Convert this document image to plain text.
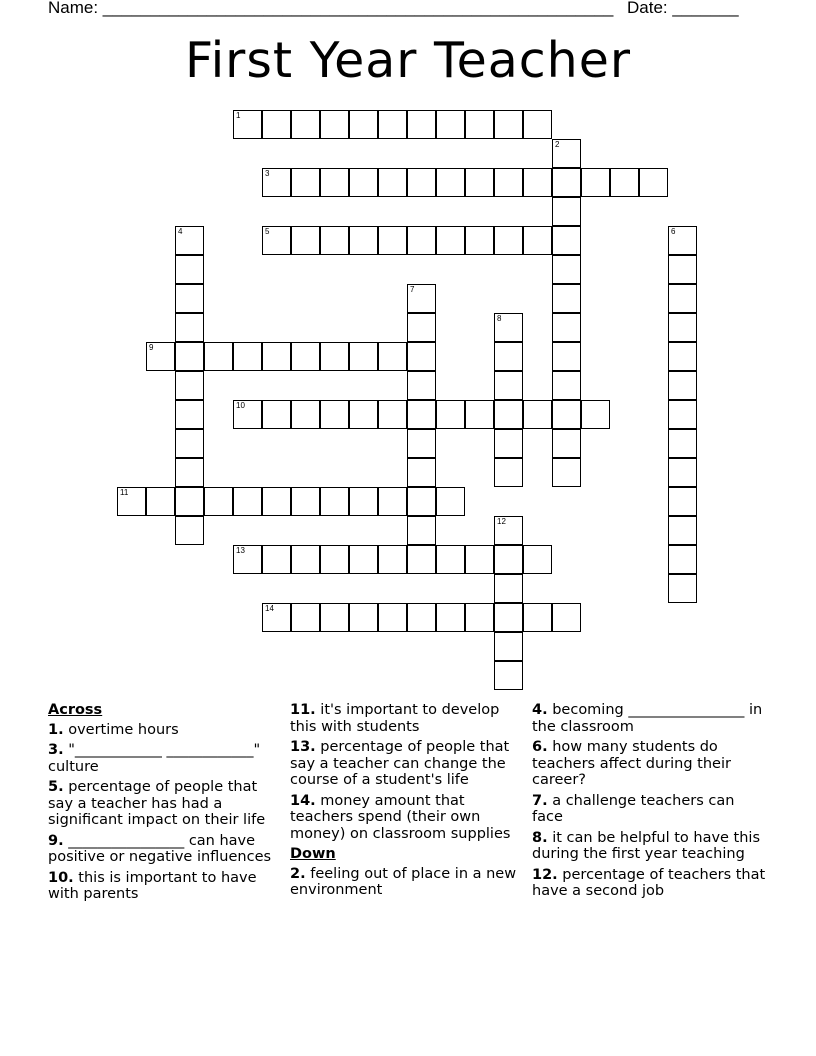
Name: ______________________________________________________ Date: _______
First Year Teacher
1
2
3
4	5	6
7
8
9
10
11
12
13
14
Across
1. overtime hours
3. "____________ ____________" culture
5. percentage of people that say a teacher has had a significant impact on their life
9. ________________ can have positive or negative influences
10. this is important to have with parents
11. it's important to develop this with students
13. percentage of people that say a teacher can change the course of a student's life
14. money amount that teachers spend (their own money) on classroom supplies
Down
2. feeling out of place in a new environment
4. becoming ________________ in the classroom
6. how many students do teachers affect during their career?
7. a challenge teachers can face
8. it can be helpful to have this during the first year teaching
12. percentage of teachers that have a second job
